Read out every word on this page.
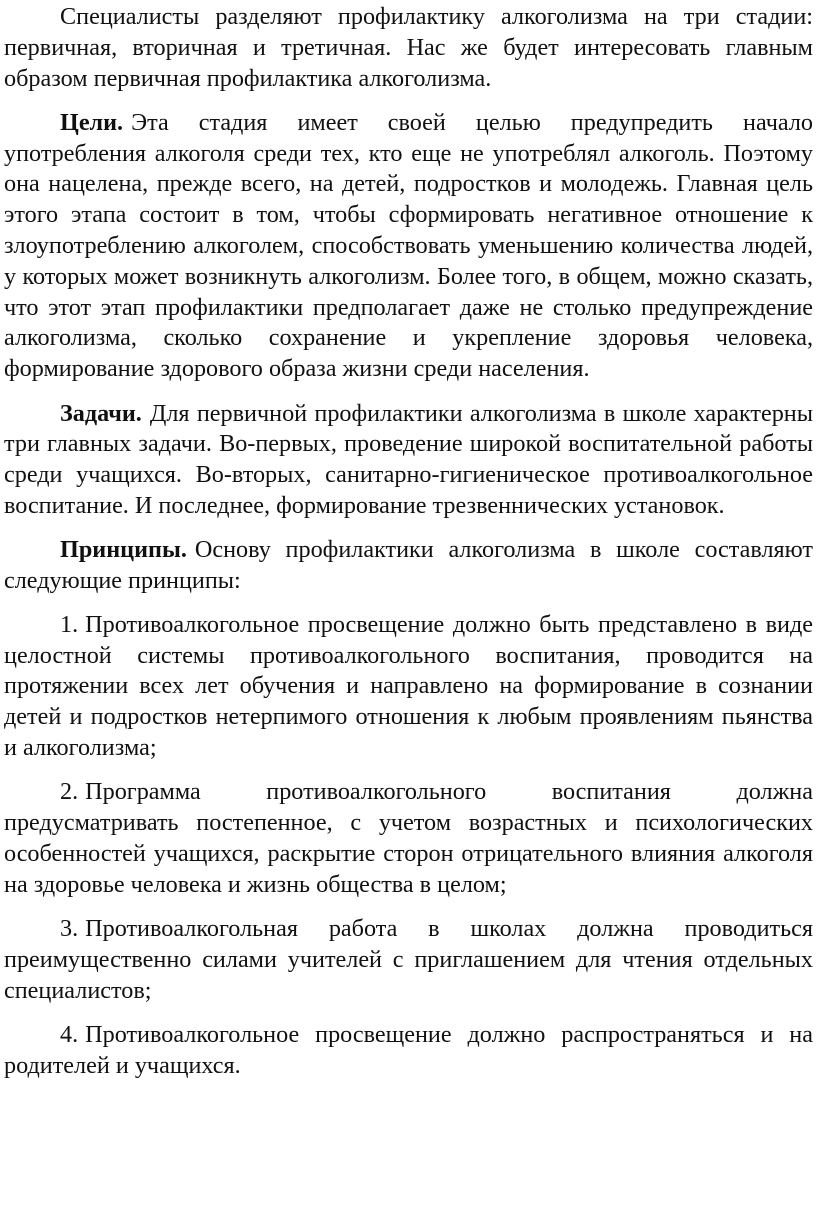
Специалисты разделяют профилактику алкоголизма на три стадии: первичная, вторичная и третичная. Нас же будет интересовать главным образом первичная профилактика алкоголизма.

Цели. Эта стадия имеет своей целью предупредить начало употребления алкоголя среди тех, кто еще не употреблял алкоголь. Поэтому она нацелена, прежде всего, на детей, подростков и молодежь. Главная цель этого этапа состоит в том, чтобы сформировать негативное отношение к злоупотреблению алкоголем, способствовать уменьшению количества людей, у которых может возникнуть алкоголизм. Более того, в общем, можно сказать, что этот этап профилактики предполагает даже не столько предупреждение алкоголизма, сколько сохранение и укрепление здоровья человека, формирование здорового образа жизни среди населения.

Задачи. Для первичной профилактики алкоголизма в школе характерны три главных задачи. Во-первых, проведение широкой воспитательной работы среди учащихся. Во-вторых, санитарно-гигиеническое противоалкогольное воспитание. И последнее, формирование трезвеннических установок.

Принципы. Основу профилактики алкоголизма в школе составляют следующие принципы:

1. Противоалкогольное просвещение должно быть представлено в виде целостной системы противоалкогольного воспитания, проводится на протяжении всех лет обучения и направлено на формирование в сознании детей и подростков нетерпимого отношения к любым проявлениям пьянства и алкоголизма;

2. Программа противоалкогольного воспитания должна предусматривать постепенное, с учетом возрастных и психологических особенностей учащихся, раскрытие сторон отрицательного влияния алкоголя на здоровье человека и жизнь общества в целом;

3. Противоалкогольная работа в школах должна проводиться преимущественно силами учителей с приглашением для чтения отдельных специалистов;

4. Противоалкогольное просвещение должно распространяться и на родителей и учащихся.
